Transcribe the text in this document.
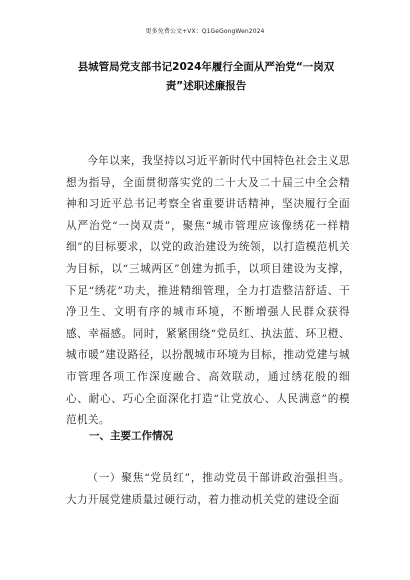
更多免费公文+VX：Q1GeGongWen2024
县城管局党支部书记2024年履行全面从严治党“一岗双责”述职述廉报告

今年以来，我坚持以习近平新时代中国特色社会主义思想为指导，全面贯彻落实党的二十大及二十届三中全会精神和习近平总书记考察全省重要讲话精神，坚决履行全面从严治党“一岗双责”，聚焦“城市管理应该像绣花一样精细”的目标要求，以党的政治建设为统领，以打造模范机关为目标，以“三城两区”创建为抓手，以项目建设为支撑，下足“绣花”功夫，推进精细管理，全力打造整洁舒适、干净卫生、文明有序的城市环境，不断增强人民群众获得感、幸福感。同时，紧紧围绕“党员红、执法蓝、环卫橙、城市暖”建设路径，以扮靓城市环境为目标，推动党建与城市管理各项工作深度融合、高效联动，通过绣花般的细心、耐心、巧心全面深化打造“让党放心、人民满意”的模范机关。

一、主要工作情况

（一）聚焦“党员红”，推动党员干部讲政治强担当。大力开展党建质量过硬行动，着力推动机关党的建设全面
